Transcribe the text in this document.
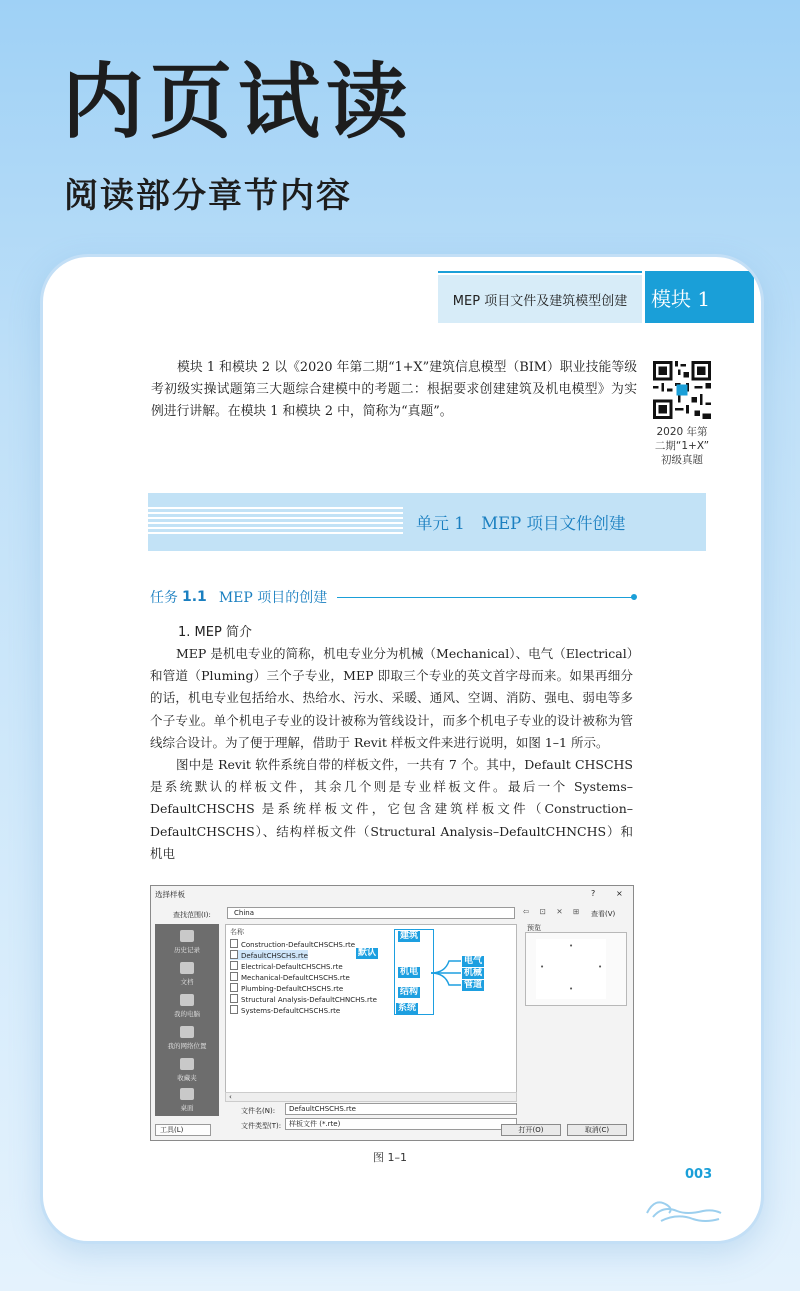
内页试读
阅读部分章节内容
MEP 项目文件及建筑模型创建	模块 1
模块 1 和模块 2 以《2020 年第二期“1+X”建筑信息模型（BIM）职业技能等级考初级实操试题第三大题综合建模中的考题二：根据要求创建建筑及机电模型》为实例进行讲解。在模块 1 和模块 2 中，简称为“真题”。
2020 年第
二期“1+X”
初级真题
单元 1　MEP 项目文件创建
任务 1.1 MEP 项目的创建
1. MEP 简介

MEP 是机电专业的简称，机电专业分为机械（Mechanical）、电气（Electrical）和管道（Pluming）三个子专业，MEP 即取三个专业的英文首字母而来。如果再细分的话，机电专业包括给水、热给水、污水、采暖、通风、空调、消防、强电、弱电等多个子专业。单个机电子专业的设计被称为管线设计，而多个机电子专业的设计被称为管线综合设计。为了便于理解，借助于 Revit 样板文件来进行说明，如图 1–1 所示。

图中是 Revit 软件系统自带的样板文件，一共有 7 个。其中，Default CHSCHS 是系统默认的样板文件，其余几个则是专业样板文件。最后一个 Systems–DefaultCHSCHS 是系统样板文件，它包含建筑样板文件（Construction–DefaultCHSCHS）、结构样板文件（Structural Analysis–DefaultCHNCHS）和机电

选择样板	?	×
查找范围(I):	China	⇦ ⊡ ✕ ⊞ 查看(V)
历史记录
文档
我的电脑
我的网络位置
收藏夹
桌面
名称
Construction-DefaultCHSCHS.rte
DefaultCHSCHS.rte
Electrical-DefaultCHSCHS.rte
Mechanical-DefaultCHSCHS.rte
Plumbing-DefaultCHSCHS.rte
Structural Analysis-DefaultCHNCHS.rte
Systems-DefaultCHSCHS.rte
建筑
默认
机电
结构
系统
电气
机械
管道
‹
预览
•
•	•
•
文件名(N):	DefaultCHSCHS.rte
文件类型(T):	样板文件 (*.rte)
工具(L)	打开(O)	取消(C)
图 1–1
003
